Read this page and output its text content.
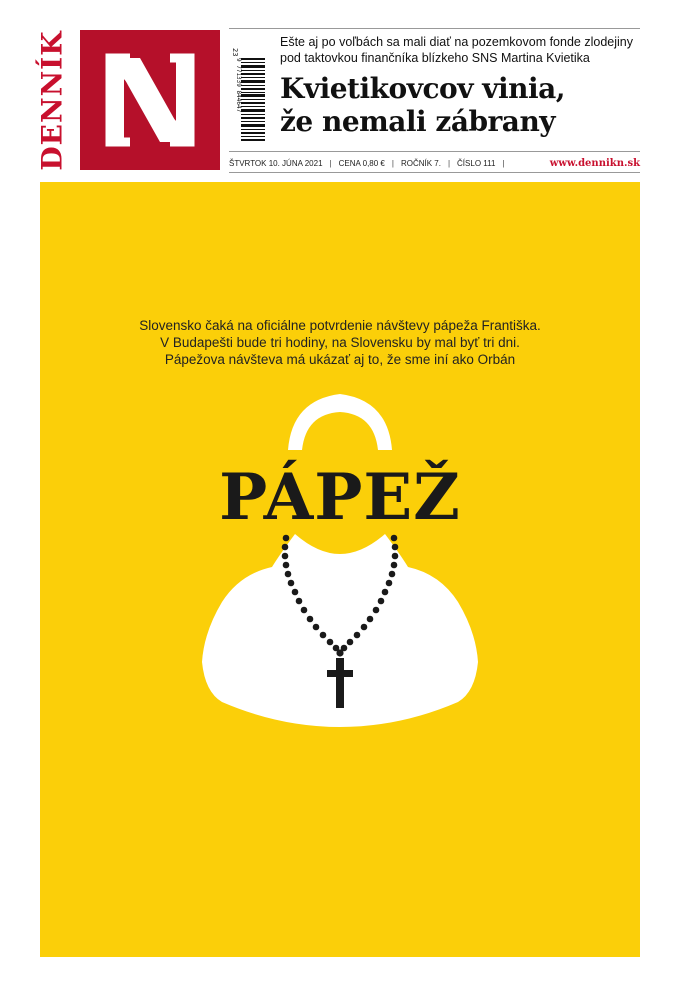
DENNÍK	23
9 771339 844647
Ešte aj po voľbách sa mali diať na pozemkovom fonde zlodejiny
pod taktovkou finančníka blízkeho SNS Martina Kvietika
Kvietikovcov vinia,
že nemali zábrany
ŠTVRTOK 10. JÚNA 2021 | CENA 0,80 € | ROČNÍK 7. | ČÍSLO 111 |	www.dennikn.sk
Slovensko čaká na oficiálne potvrdenie návštevy pápeža Františka.
V Budapešti bude tri hodiny, na Slovensku by mal byť tri dni.
Pápežova návšteva má ukázať aj to, že sme iní ako Orbán
PÁPEŽ
